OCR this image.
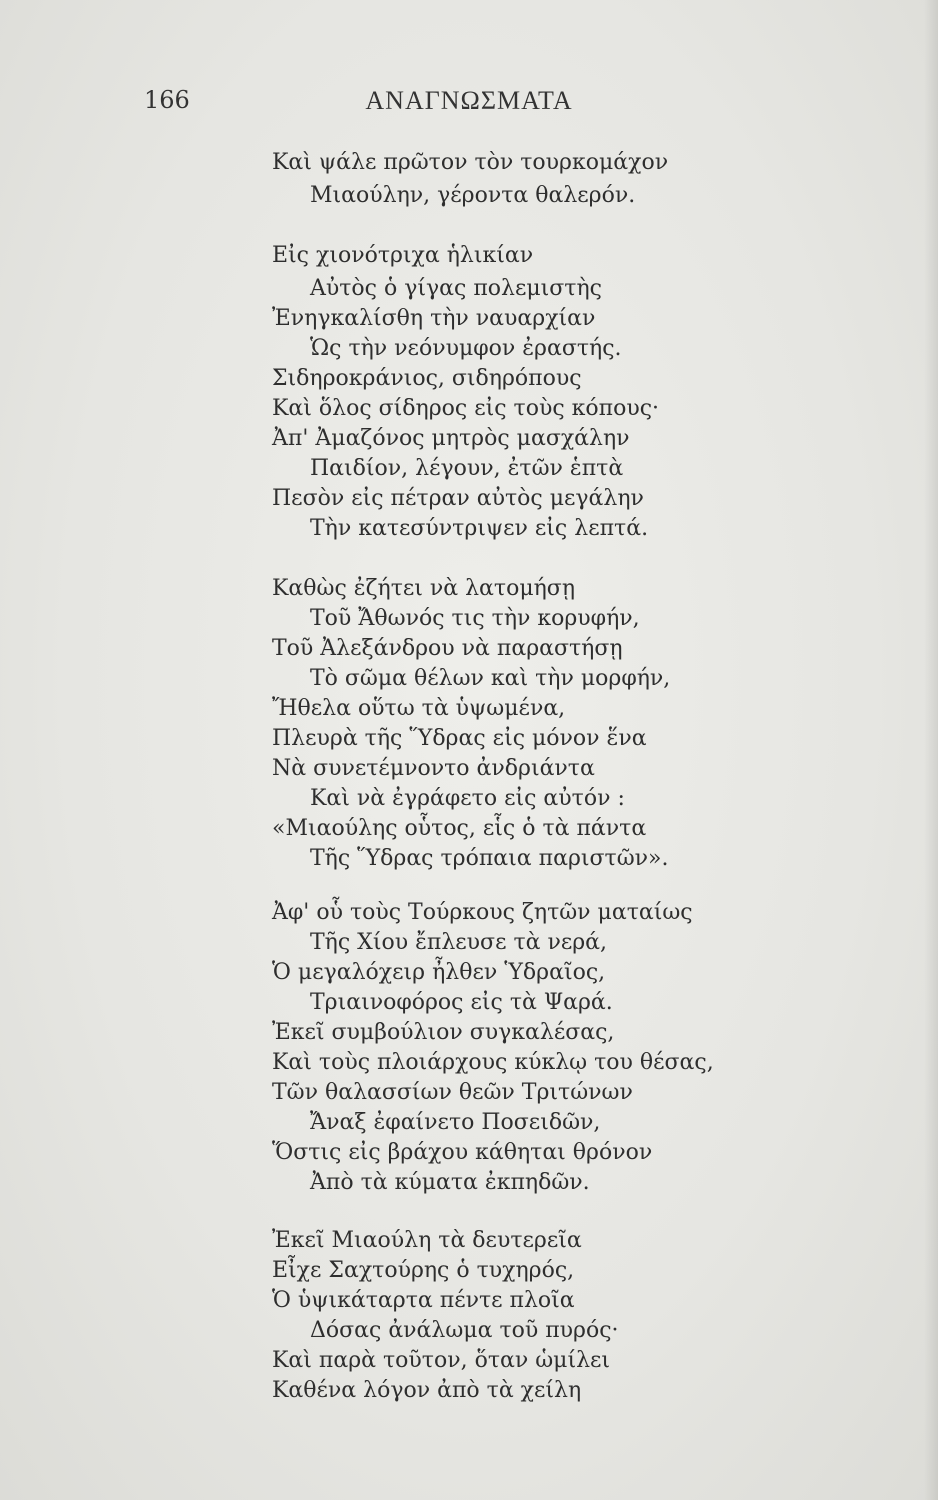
166	ΑΝΑΓΝΩΣΜΑΤΑ
Καὶ ψάλε πρῶτον τὸν τουρκομάχον
Μιαούλην, γέροντα θαλερόν.
Εἰς χιονότριχα ἡλικίαν
Αὐτὸς ὁ γίγας πολεμιστὴς
Ἐνηγκαλίσθη τὴν ναυαρχίαν
Ὡς τὴν νεόνυμφον ἐραστής.
Σιδηροκράνιος, σιδηρόπους
Καὶ ὅλος σίδηρος εἰς τοὺς κόπους·
Ἀπ' Ἀμαζόνος μητρὸς μασχάλην
Παιδίον, λέγουν, ἐτῶν ἑπτὰ
Πεσὸν εἰς πέτραν αὐτὸς μεγάλην
Τὴν κατεσύντριψεν εἰς λεπτά.
Καθὼς ἐζήτει νὰ λατομήσῃ
Τοῦ Ἄθωνός τις τὴν κορυφήν,
Τοῦ Ἀλεξάνδρου νὰ παραστήσῃ
Τὸ σῶμα θέλων καὶ τὴν μορφήν,
Ἤθελα οὕτω τὰ ὑψωμένα,
Πλευρὰ τῆς Ὕδρας εἰς μόνον ἕνα
Νὰ συνετέμνοντο ἀνδριάντα
Καὶ νὰ ἐγράφετο εἰς αὐτόν :
«Μιαούλης οὗτος, εἷς ὁ τὰ πάντα
Τῆς Ὕδρας τρόπαια παριστῶν».
Ἀφ' οὗ τοὺς Τούρκους ζητῶν ματαίως
Τῆς Χίου ἔπλευσε τὰ νερά,
Ὁ μεγαλόχειρ ἦλθεν Ὑδραῖος,
Τριαινοφόρος εἰς τὰ Ψαρά.
Ἐκεῖ συμβούλιον συγκαλέσας,
Καὶ τοὺς πλοιάρχους κύκλῳ του θέσας,
Τῶν θαλασσίων θεῶν Τριτώνων
Ἄναξ ἐφαίνετο Ποσειδῶν,
Ὅστις εἰς βράχου κάθηται θρόνον
Ἀπὸ τὰ κύματα ἐκπηδῶν.
Ἐκεῖ Μιαούλη τὰ δευτερεῖα
Εἶχε Σαχτούρης ὁ τυχηρός,
Ὁ ὑψικάταρτα πέντε πλοῖα
Δόσας ἀνάλωμα τοῦ πυρός·
Καὶ παρὰ τοῦτον, ὅταν ὡμίλει
Καθένα λόγον ἀπὸ τὰ χείλη
